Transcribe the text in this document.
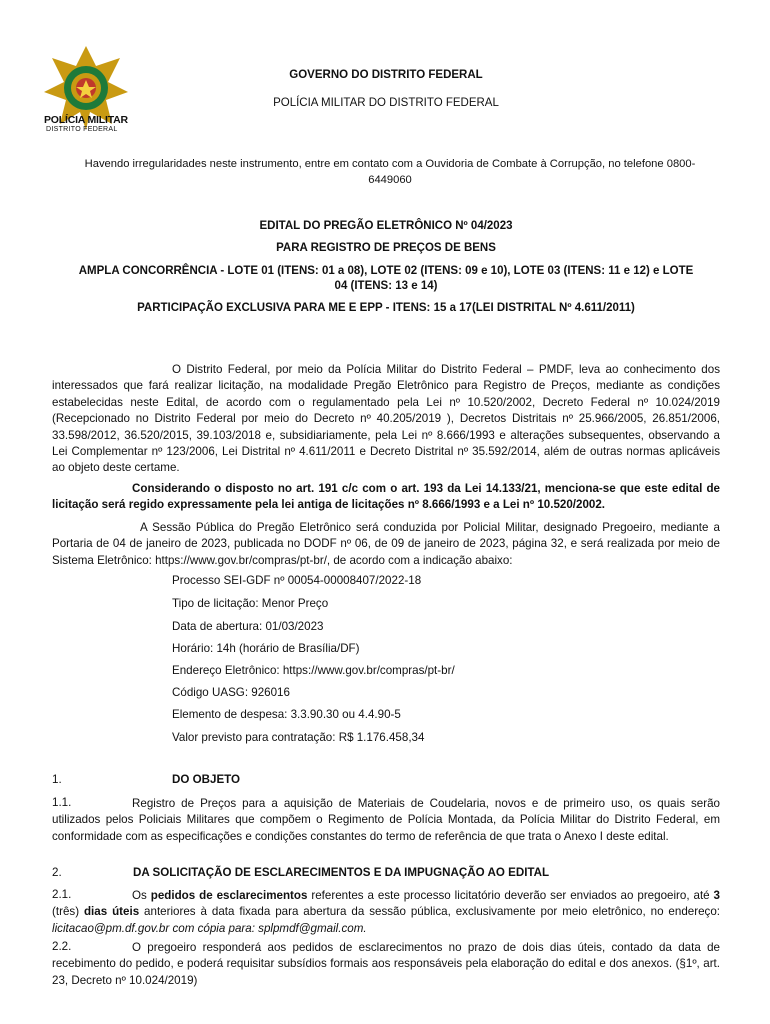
POLÍCIA MILITAR
DISTRITO FEDERAL
GOVERNO DO DISTRITO FEDERAL
POLÍCIA MILITAR DO DISTRITO FEDERAL
Havendo irregularidades neste instrumento, entre em contato com a Ouvidoria de Combate à Corrupção, no telefone 0800-
6449060
EDITAL DO PREGÃO ELETRÔNICO Nº 04/2023
PARA REGISTRO DE PREÇOS DE BENS
AMPLA CONCORRÊNCIA - LOTE 01 (ITENS: 01 a 08), LOTE 02 (ITENS: 09 e 10), LOTE 03 (ITENS: 11 e 12) e LOTE
04 (ITENS: 13 e 14)
PARTICIPAÇÃO EXCLUSIVA PARA ME E EPP - ITENS: 15 a 17(LEI DISTRITAL Nº 4.611/2011)
O Distrito Federal, por meio da Polícia Militar do Distrito Federal – PMDF, leva ao conhecimento dos interessados que fará realizar licitação, na modalidade Pregão Eletrônico para Registro de Preços, mediante as condições estabelecidas neste Edital, de acordo com o regulamentado pela Lei nº 10.520/2002, Decreto Federal nº 10.024/2019 (Recepcionado no Distrito Federal por meio do Decreto nº 40.205/2019 ), Decretos Distritais nº 25.966/2005, 26.851/2006, 33.598/2012, 36.520/2015, 39.103/2018 e, subsidiariamente, pela Lei nº 8.666/1993 e alterações subsequentes, observando a Lei Complementar nº 123/2006, Lei Distrital nº 4.611/2011 e Decreto Distrital nº 35.592/2014, além de outras normas aplicáveis ao objeto deste certame.
Considerando o disposto no art. 191 c/c com o art. 193 da Lei 14.133/21, menciona-se que este edital de licitação será regido expressamente pela lei antiga de licitações nº 8.666/1993 e a Lei nº 10.520/2002.
A Sessão Pública do Pregão Eletrônico será conduzida por Policial Militar, designado Pregoeiro, mediante a Portaria de 04 de janeiro de 2023, publicada no DODF nº 06, de 09 de janeiro de 2023, página 32, e será realizada por meio de Sistema Eletrônico: https://www.gov.br/compras/pt-br/, de acordo com a indicação abaixo:
Processo SEI-GDF nº 00054-00008407/2022-18
Tipo de licitação: Menor Preço
Data de abertura: 01/03/2023
Horário: 14h (horário de Brasília/DF)
Endereço Eletrônico: https://www.gov.br/compras/pt-br/
Código UASG: 926016
Elemento de despesa: 3.3.90.30 ou 4.4.90-5
Valor previsto para contratação: R$ 1.176.458,34
1.	DO OBJETO
1.1.	Registro de Preços para a aquisição de Materiais de Coudelaria, novos e de primeiro uso, os quais serão utilizados pelos Policiais Militares que compõem o Regimento de Polícia Montada, da Polícia Militar do Distrito Federal, em conformidade com as especificações e condições constantes do termo de referência de que trata o Anexo I deste edital.
2.	DA SOLICITAÇÃO DE ESCLARECIMENTOS E DA IMPUGNAÇÃO AO EDITAL
2.1.	Os pedidos de esclarecimentos referentes a este processo licitatório deverão ser enviados ao pregoeiro, até 3 (três) dias úteis anteriores à data fixada para abertura da sessão pública, exclusivamente por meio eletrônico, no endereço: licitacao@pm.df.gov.br com cópia para: splpmdf@gmail.com.
2.2.	O pregoeiro responderá aos pedidos de esclarecimentos no prazo de dois dias úteis, contado da data de recebimento do pedido, e poderá requisitar subsídios formais aos responsáveis pela elaboração do edital e dos anexos. (§1º, art. 23, Decreto nº 10.024/2019)
